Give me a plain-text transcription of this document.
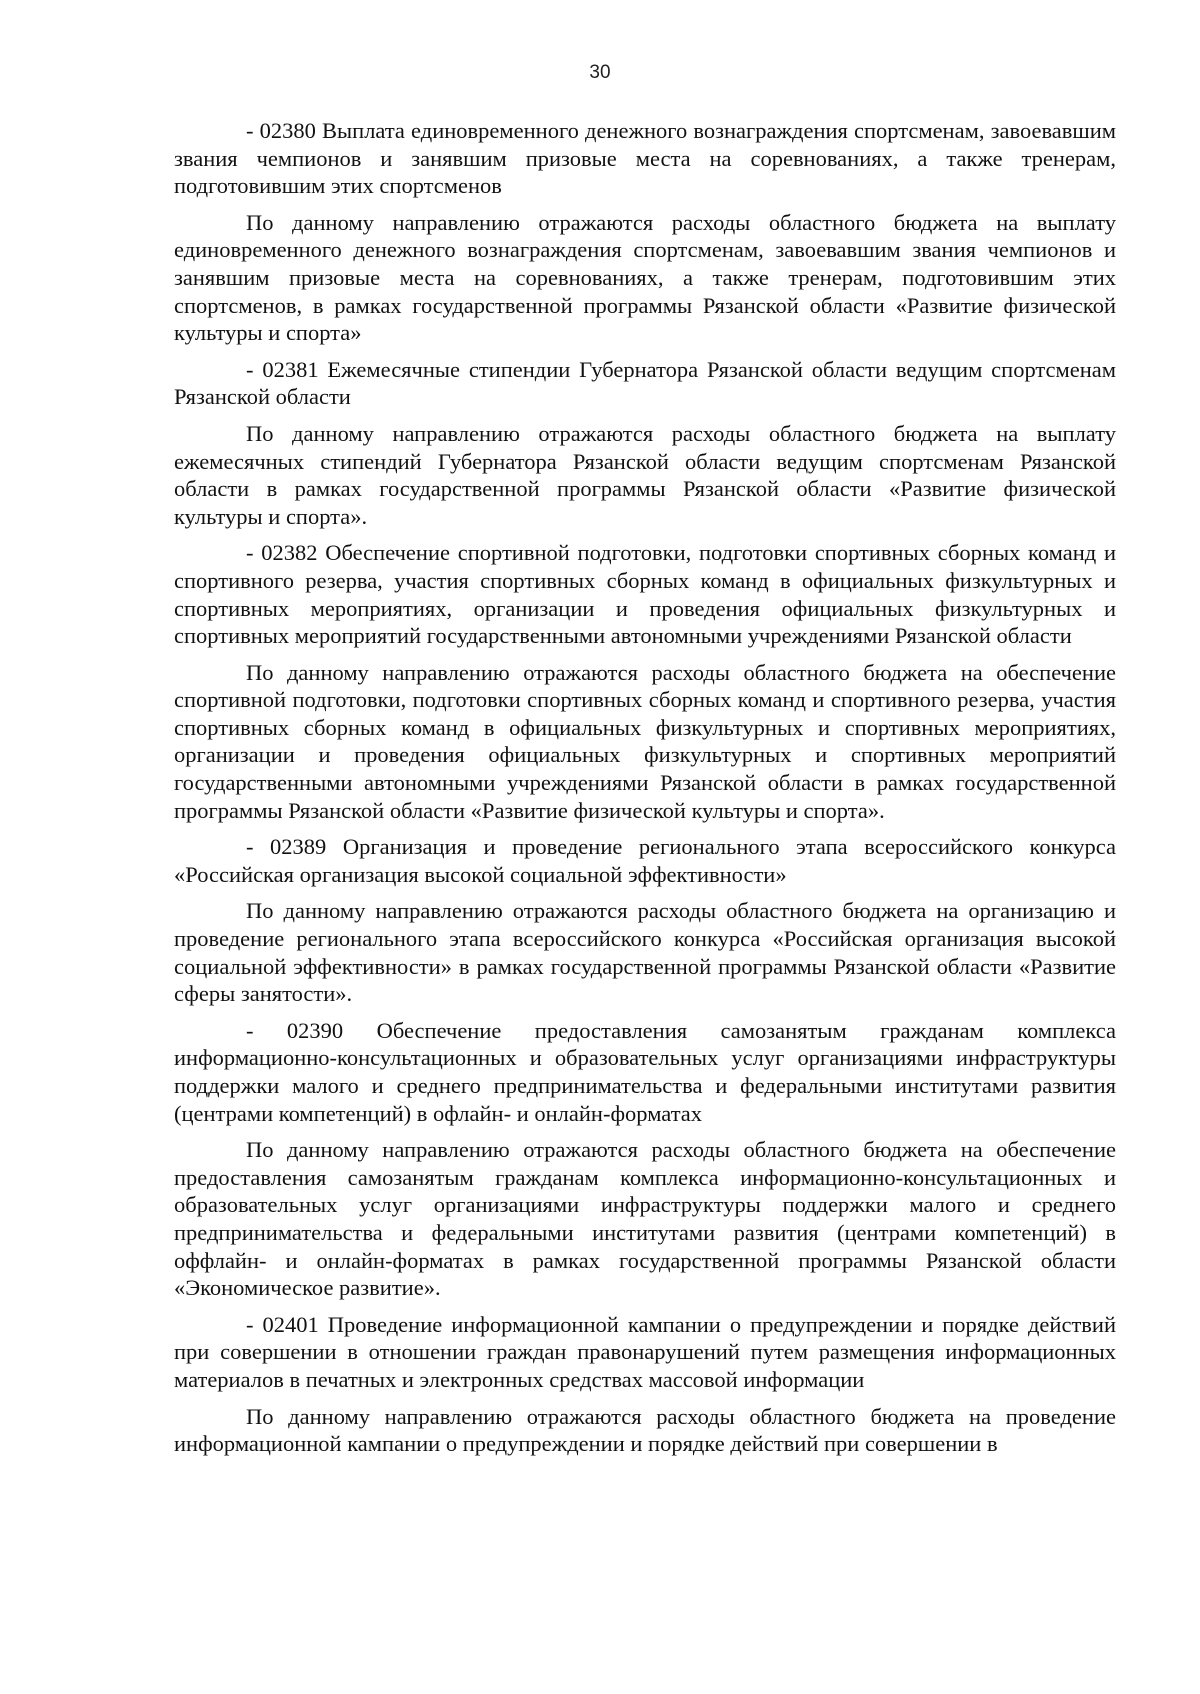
30

- 02380 Выплата единовременного денежного вознаграждения спортсменам, завоевавшим звания чемпионов и занявшим призовые места на соревнованиях, а также тренерам, подготовившим этих спортсменов

По данному направлению отражаются расходы областного бюджета на выплату единовременного денежного вознаграждения спортсменам, завоевавшим звания чемпионов и занявшим призовые места на соревнованиях, а также тренерам, подготовившим этих спортсменов, в рамках государственной программы Рязанской области «Развитие физической культуры и спорта»

- 02381 Ежемесячные стипендии Губернатора Рязанской области ведущим спортсменам Рязанской области

По данному направлению отражаются расходы областного бюджета на выплату ежемесячных стипендий Губернатора Рязанской области ведущим спортсменам Рязанской области в рамках государственной программы Рязанской области «Развитие физической культуры и спорта».

- 02382 Обеспечение спортивной подготовки, подготовки спортивных сборных команд и спортивного резерва, участия спортивных сборных команд в официальных физкультурных и спортивных мероприятиях, организации и проведения официальных физкультурных и спортивных мероприятий государственными автономными учреждениями Рязанской области

По данному направлению отражаются расходы областного бюджета на обеспечение спортивной подготовки, подготовки спортивных сборных команд и спортивного резерва, участия спортивных сборных команд в официальных физкультурных и спортивных мероприятиях, организации и проведения официальных физкультурных и спортивных мероприятий государственными автономными учреждениями Рязанской области в рамках государственной программы Рязанской области «Развитие физической культуры и спорта».

- 02389 Организация и проведение регионального этапа всероссийского конкурса «Российская организация высокой социальной эффективности»

По данному направлению отражаются расходы областного бюджета на организацию и проведение регионального этапа всероссийского конкурса «Российская организация высокой социальной эффективности» в рамках государственной программы Рязанской области «Развитие сферы занятости».

- 02390 Обеспечение предоставления самозанятым гражданам комплекса информационно-консультационных и образовательных услуг организациями инфраструктуры поддержки малого и среднего предпринимательства и федеральными институтами развития (центрами компетенций) в офлайн- и онлайн-форматах

По данному направлению отражаются расходы областного бюджета на обеспечение предоставления самозанятым гражданам комплекса информационно-консультационных и образовательных услуг организациями инфраструктуры поддержки малого и среднего предпринимательства и федеральными институтами развития (центрами компетенций) в оффлайн- и онлайн-форматах в рамках государственной программы Рязанской области «Экономическое развитие».

- 02401 Проведение информационной кампании о предупреждении и порядке действий при совершении в отношении граждан правонарушений путем размещения информационных материалов в печатных и электронных средствах массовой информации

По данному направлению отражаются расходы областного бюджета на проведение информационной кампании о предупреждении и порядке действий при совершении в
